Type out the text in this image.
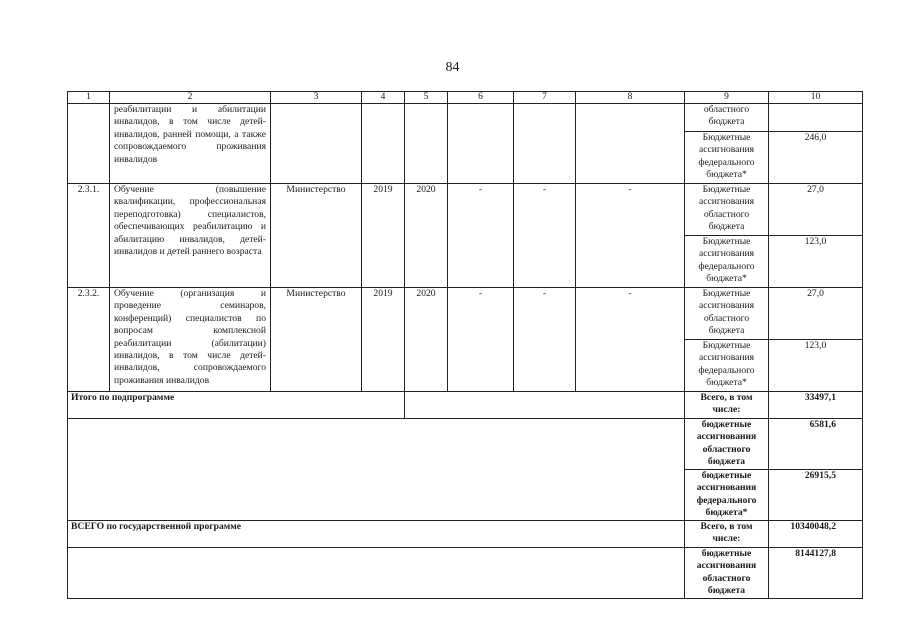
84
1	2	3	4	5	6	7	8	9	10
	реабилитации и абилитации инвалидов, в том числе детей-инвалидов, ранней помощи, а также сопровождаемого проживания инвалидов							областного бюджета	
								Бюджетные ассигнования федерального бюджета*	246,0
2.3.1.	Обучение (повышение квалификации, профессиональная переподготовка) специалистов, обеспечивающих реабилитацию и абилитацию инвалидов, детей-инвалидов и детей раннего возраста	Министерство	2019	2020	-	-	-	Бюджетные ассигнования областного бюджета	27,0
								Бюджетные ассигнования федерального бюджета*	123,0
2.3.2.	Обучение (организация и проведение семинаров, конференций) специалистов по вопросам комплексной реабилитации (абилитации) инвалидов, в том числе детей-инвалидов, сопровождаемого проживания инвалидов	Министерство	2019	2020	-	-	-	Бюджетные ассигнования областного бюджета	27,0
								Бюджетные ассигнования федерального бюджета*	123,0
Итого по подпрограмме								Всего, в том числе:	33497,1
								бюджетные ассигнования областного бюджета	6581,6
								бюджетные ассигнования федерального бюджета*	26915,5
ВСЕГО по государственной программе								Всего, в том числе:	10340048,2
								бюджетные ассигнования областного бюджета	8144127,8
